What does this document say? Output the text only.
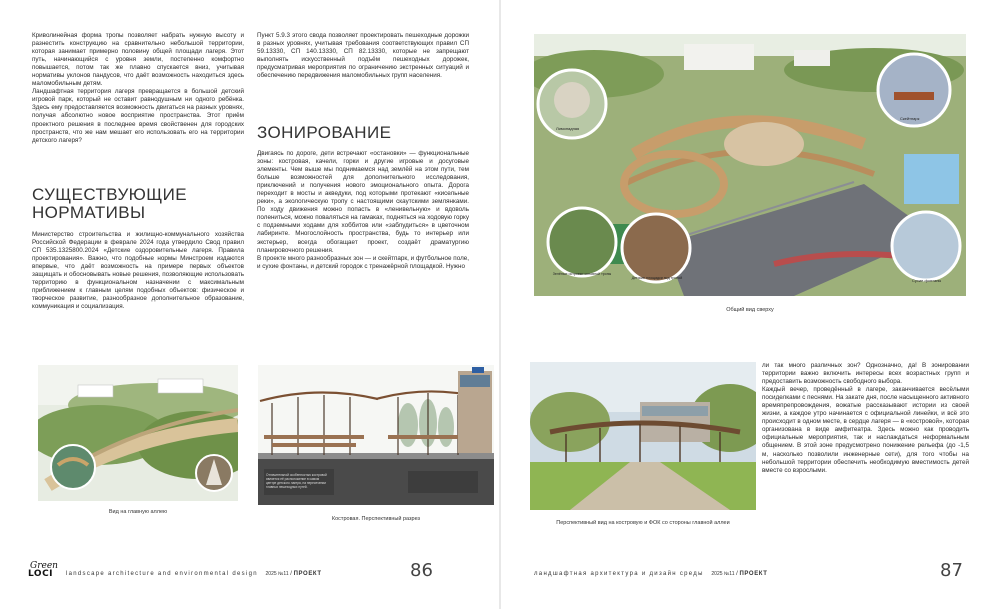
Криволинейная форма тропы позволяет набрать нужную высоту и разнестить конструкцию на сравнительно небольшой территории, которая занимает примерно половину общей площади лагеря. Этот путь, начинающийся с уровня земли, постепенно комфортно повышается, потом так же плавно спускается вниз, учитывая нормативы уклонов пандусов, что даёт возможность находиться здесь маломобильным детям.

Ландшафтная территория лагеря превращается в большой детский игровой парк, который не оставит равнодушным ни одного ребёнка. Здесь ему предоставляется возможность двигаться на разных уровнях, получая абсолютно новое восприятие пространства. Этот приём проектного решения в последнее время свойственен для городских пространств, что же нам мешает его использовать его на территории детского лагеря?

СУЩЕСТВУЮЩИЕ НОРМАТИВЫ

Министерство строительства и жилищно-коммунального хозяйства Российской Федерации в феврале 2024 года утвердило Свод правил СП 535.1325800.2024 «Детские оздоровительные лагеря. Правила проектирования». Важно, что подобные нормы Минстроем издаются впервые, что даёт возможность на примере первых объектов защищать и обосновывать новые решения, позволяющие использовать территорию в функциональном назначении с максимальным приближением к главным целям подобных объектов: физическое и творческое развитие, разнообразное дополнительное образование, коммуникация и социализация.

Пункт 5.9.3 этого свода позволяет проектировать пешеходные дорожки в разных уровнях, учитывая требования соответствующих правил СП 59.13330, СП 140.13330, СП 82.13330, которые не запрещают выполнять искусственный подъём пешеходных дорожек, предусматривая мероприятия по ограничению экстренных ситуаций и обеспечению передвижения маломобильных групп населения.

ЗОНИРОВАНИЕ

Двигаясь по дороге, дети встречают «остановки» — функциональные зоны: костровая, качели, горки и другие игровые и досуговые элементы. Чем выше мы поднимаемся над землёй на этом пути, тем больше возможностей для дополнительного исследования, приключений и получения нового эмоционального опыта. Дорога переходит в мосты и акведуки, под которыми протекают «кисельные реки», а экологическую тропу с настоящими скаутскими землянками. По ходу движения можно попасть в «ленивельную» и вдоволь полениться, можно поваляться на гамаках, подняться на ходовую горку с подземными ходами для хоббитов или «заблудиться» в цветочном лабиринте. Многослойность пространства, будь то интерьер или экстерьер, всегда обогащает проект, создаёт драматургию планировочного решения.

В проекте много разнообразных зон — и скейтпарк, и футбольное поле, и сухие фонтаны, и детский городок с тренажёрной площадкой. Нужно

Вид на главную аллею
Отличительной особенностью костровой является её расположение в самом центре детского лагеря, на пересечении главных пешеходных путей.
Костровая. Перспективный разрез
Green
LOCI landscape architecture and environmental design 2025 №11 / ПРОЕКТ	86
Лимонадная
Скейтпарк
Зелёные островки основной тропы
Детские площадки под тропой	Сухие фонтаны
Общий вид сверху
Перспективный вид на костровую и ФОК со стороны главной аллеи

ли так много различных зон? Однозначно, да! В зонировании территории важно включить интересы всех возрастных групп и предоставить возможность свободного выбора.

Каждый вечер, проведённый в лагере, заканчивается весёлыми посиделками с песнями. На закате дня, после насыщенного активного времяпрепровождения, вожатые рассказывают истории из своей жизни, а каждое утро начинается с официальной линейки, и всё это происходит в одном месте, в сердце лагеря — в «костровой», которая организована в виде амфитеатра. Здесь можно как проводить официальные мероприятия, так и наслаждаться неформальным общением. В этой зоне предусмотрено понижение рельефа (до -1,5 м, насколько позволили инженерные сети), для того чтобы на небольшой территории обеспечить необходимую вместимость детей вместе со взрослыми.

ландшафтная архитектура и дизайн среды 2025 №11 / ПРОЕКТ	87
